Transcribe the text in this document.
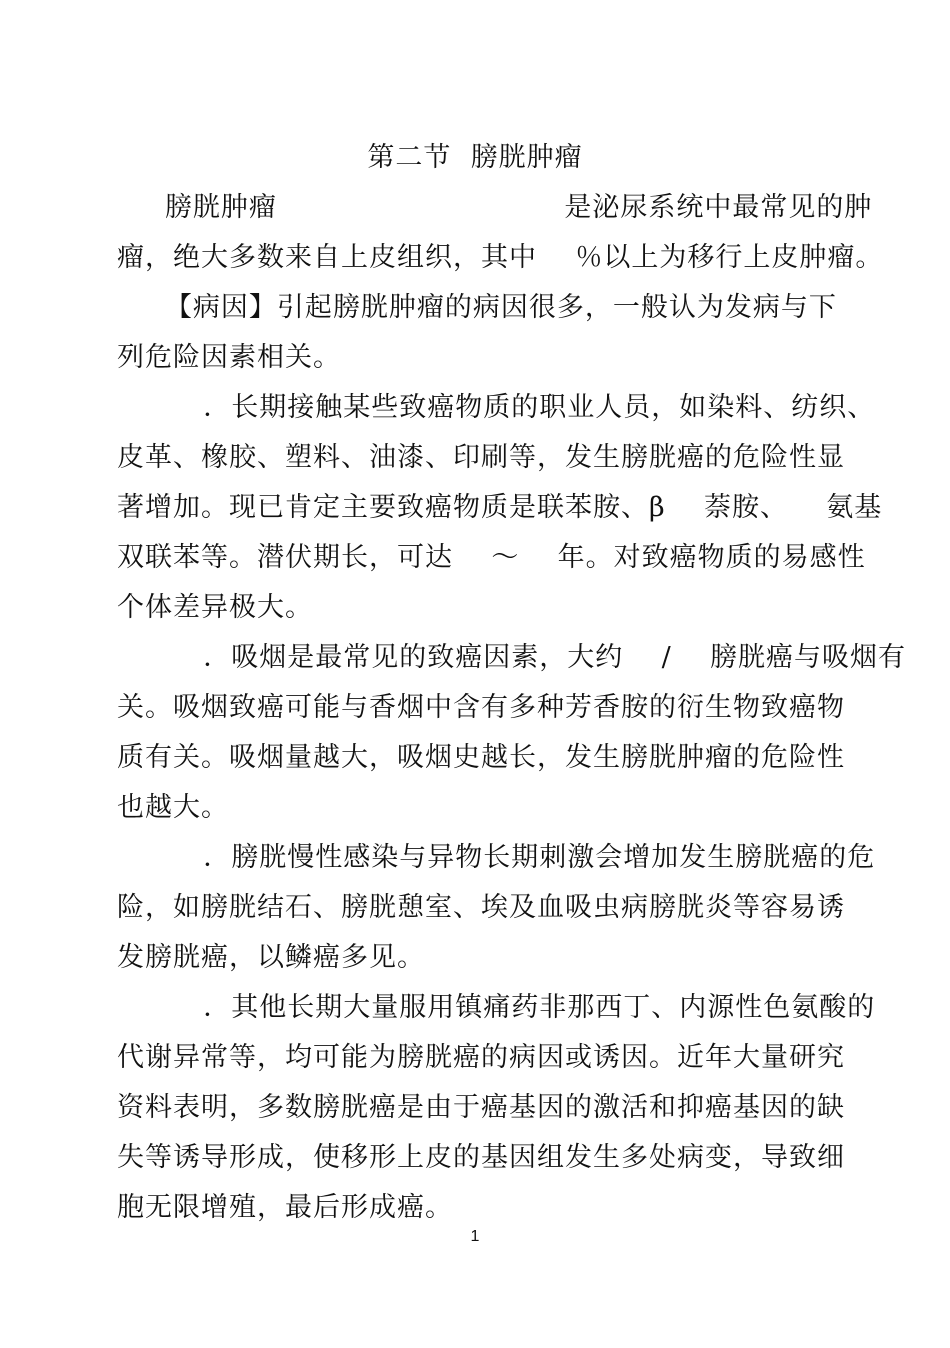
第二节  膀胱肿瘤
膀胱肿瘤                              是泌尿系统中最常见的肿
瘤，绝大多数来自上皮组织，其中    ％以上为移行上皮肿瘤。
【病因】引起膀胱肿瘤的病因很多，一般认为发病与下
列危险因素相关。
．长期接触某些致癌物质的职业人员，如染料、纺织、
皮革、橡胶、塑料、油漆、印刷等，发生膀胱癌的危险性显
著增加。现已肯定主要致癌物质是联苯胺、β    萘胺、    氨基
双联苯等。潜伏期长，可达    ～    年。对致癌物质的易感性
个体差异极大。
．吸烟是最常见的致癌因素，大约    /    膀胱癌与吸烟有
关。吸烟致癌可能与香烟中含有多种芳香胺的衍生物致癌物
质有关。吸烟量越大，吸烟史越长，发生膀胱肿瘤的危险性
也越大。
．膀胱慢性感染与异物长期刺激会增加发生膀胱癌的危
险，如膀胱结石、膀胱憩室、埃及血吸虫病膀胱炎等容易诱
发膀胱癌，以鳞癌多见。
．其他长期大量服用镇痛药非那西丁、内源性色氨酸的
代谢异常等，均可能为膀胱癌的病因或诱因。近年大量研究
资料表明，多数膀胱癌是由于癌基因的激活和抑癌基因的缺
失等诱导形成，使移形上皮的基因组发生多处病变，导致细
胞无限增殖，最后形成癌。
1
